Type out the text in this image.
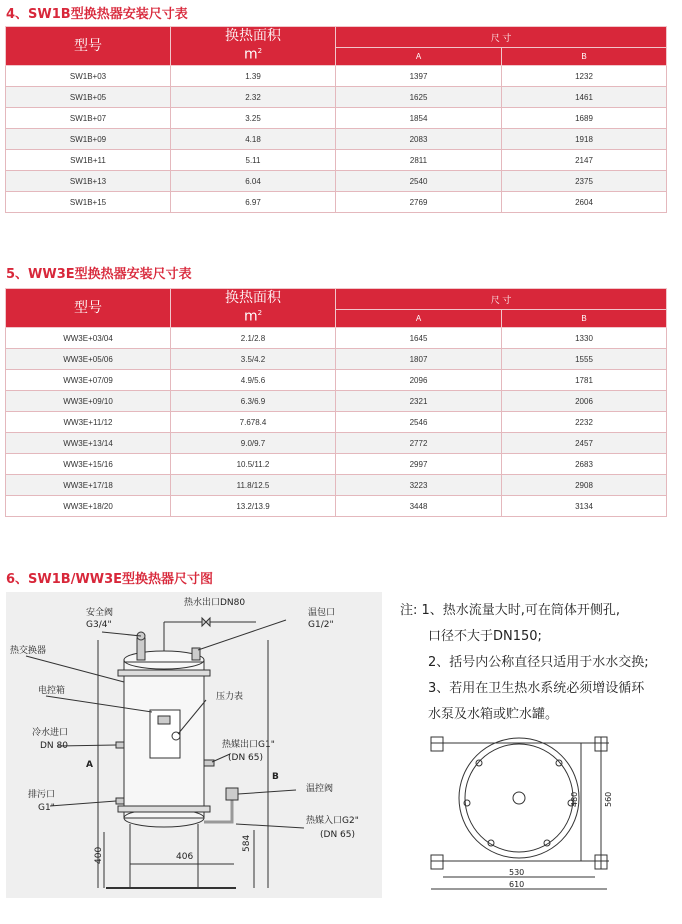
4、SW1B型换热器安装尺寸表
型号	换热面积
$m^2$	尺 寸	
		A	B
SW1B+03	1.39	1397	1232
SW1B+05	2.32	1625	1461
SW1B+07	3.25	1854	1689
SW1B+09	4.18	2083	1918
SW1B+11	5.11	2811	2147
SW1B+13	6.04	2540	2375
SW1B+15	6.97	2769	2604
5、WW3E型换热器安装尺寸表
型号	换热面积
$m^2$	尺 寸	
		A	B
WW3E+03/04	2.1/2.8	1645	1330
WW3E+05/06	3.5/4.2	1807	1555
WW3E+07/09	4.9/5.6	2096	1781
WW3E+09/10	6.3/6.9	2321	2006
WW3E+11/12	7.678.4	2546	2232
WW3E+13/14	9.0/9.7	2772	2457
WW3E+15/16	10.5/11.2	2997	2683
WW3E+17/18	11.8/12.5	3223	2908
WW3E+18/20	13.2/13.9	3448	3134
6、SW1B/WW3E型换热器尺寸图
热水出口DN80
安全阀
G3/4"
温包口
G1/2"
热交换器
电控箱
压力表
冷水进口
DN 80	热媒出口G1"
(DN 65)
温控阀
排污口
G1"
热媒入口G2"
(DN 65)
A
B
400	406
584
注: 1、热水流量大时,可在筒体开侧孔,
口径不大于DN150;
2、括号内公称直径只适用于水水交换;
3、若用在卫生热水系统必须增设循环
水泵及水箱或贮水罐。
480	560
530
610
